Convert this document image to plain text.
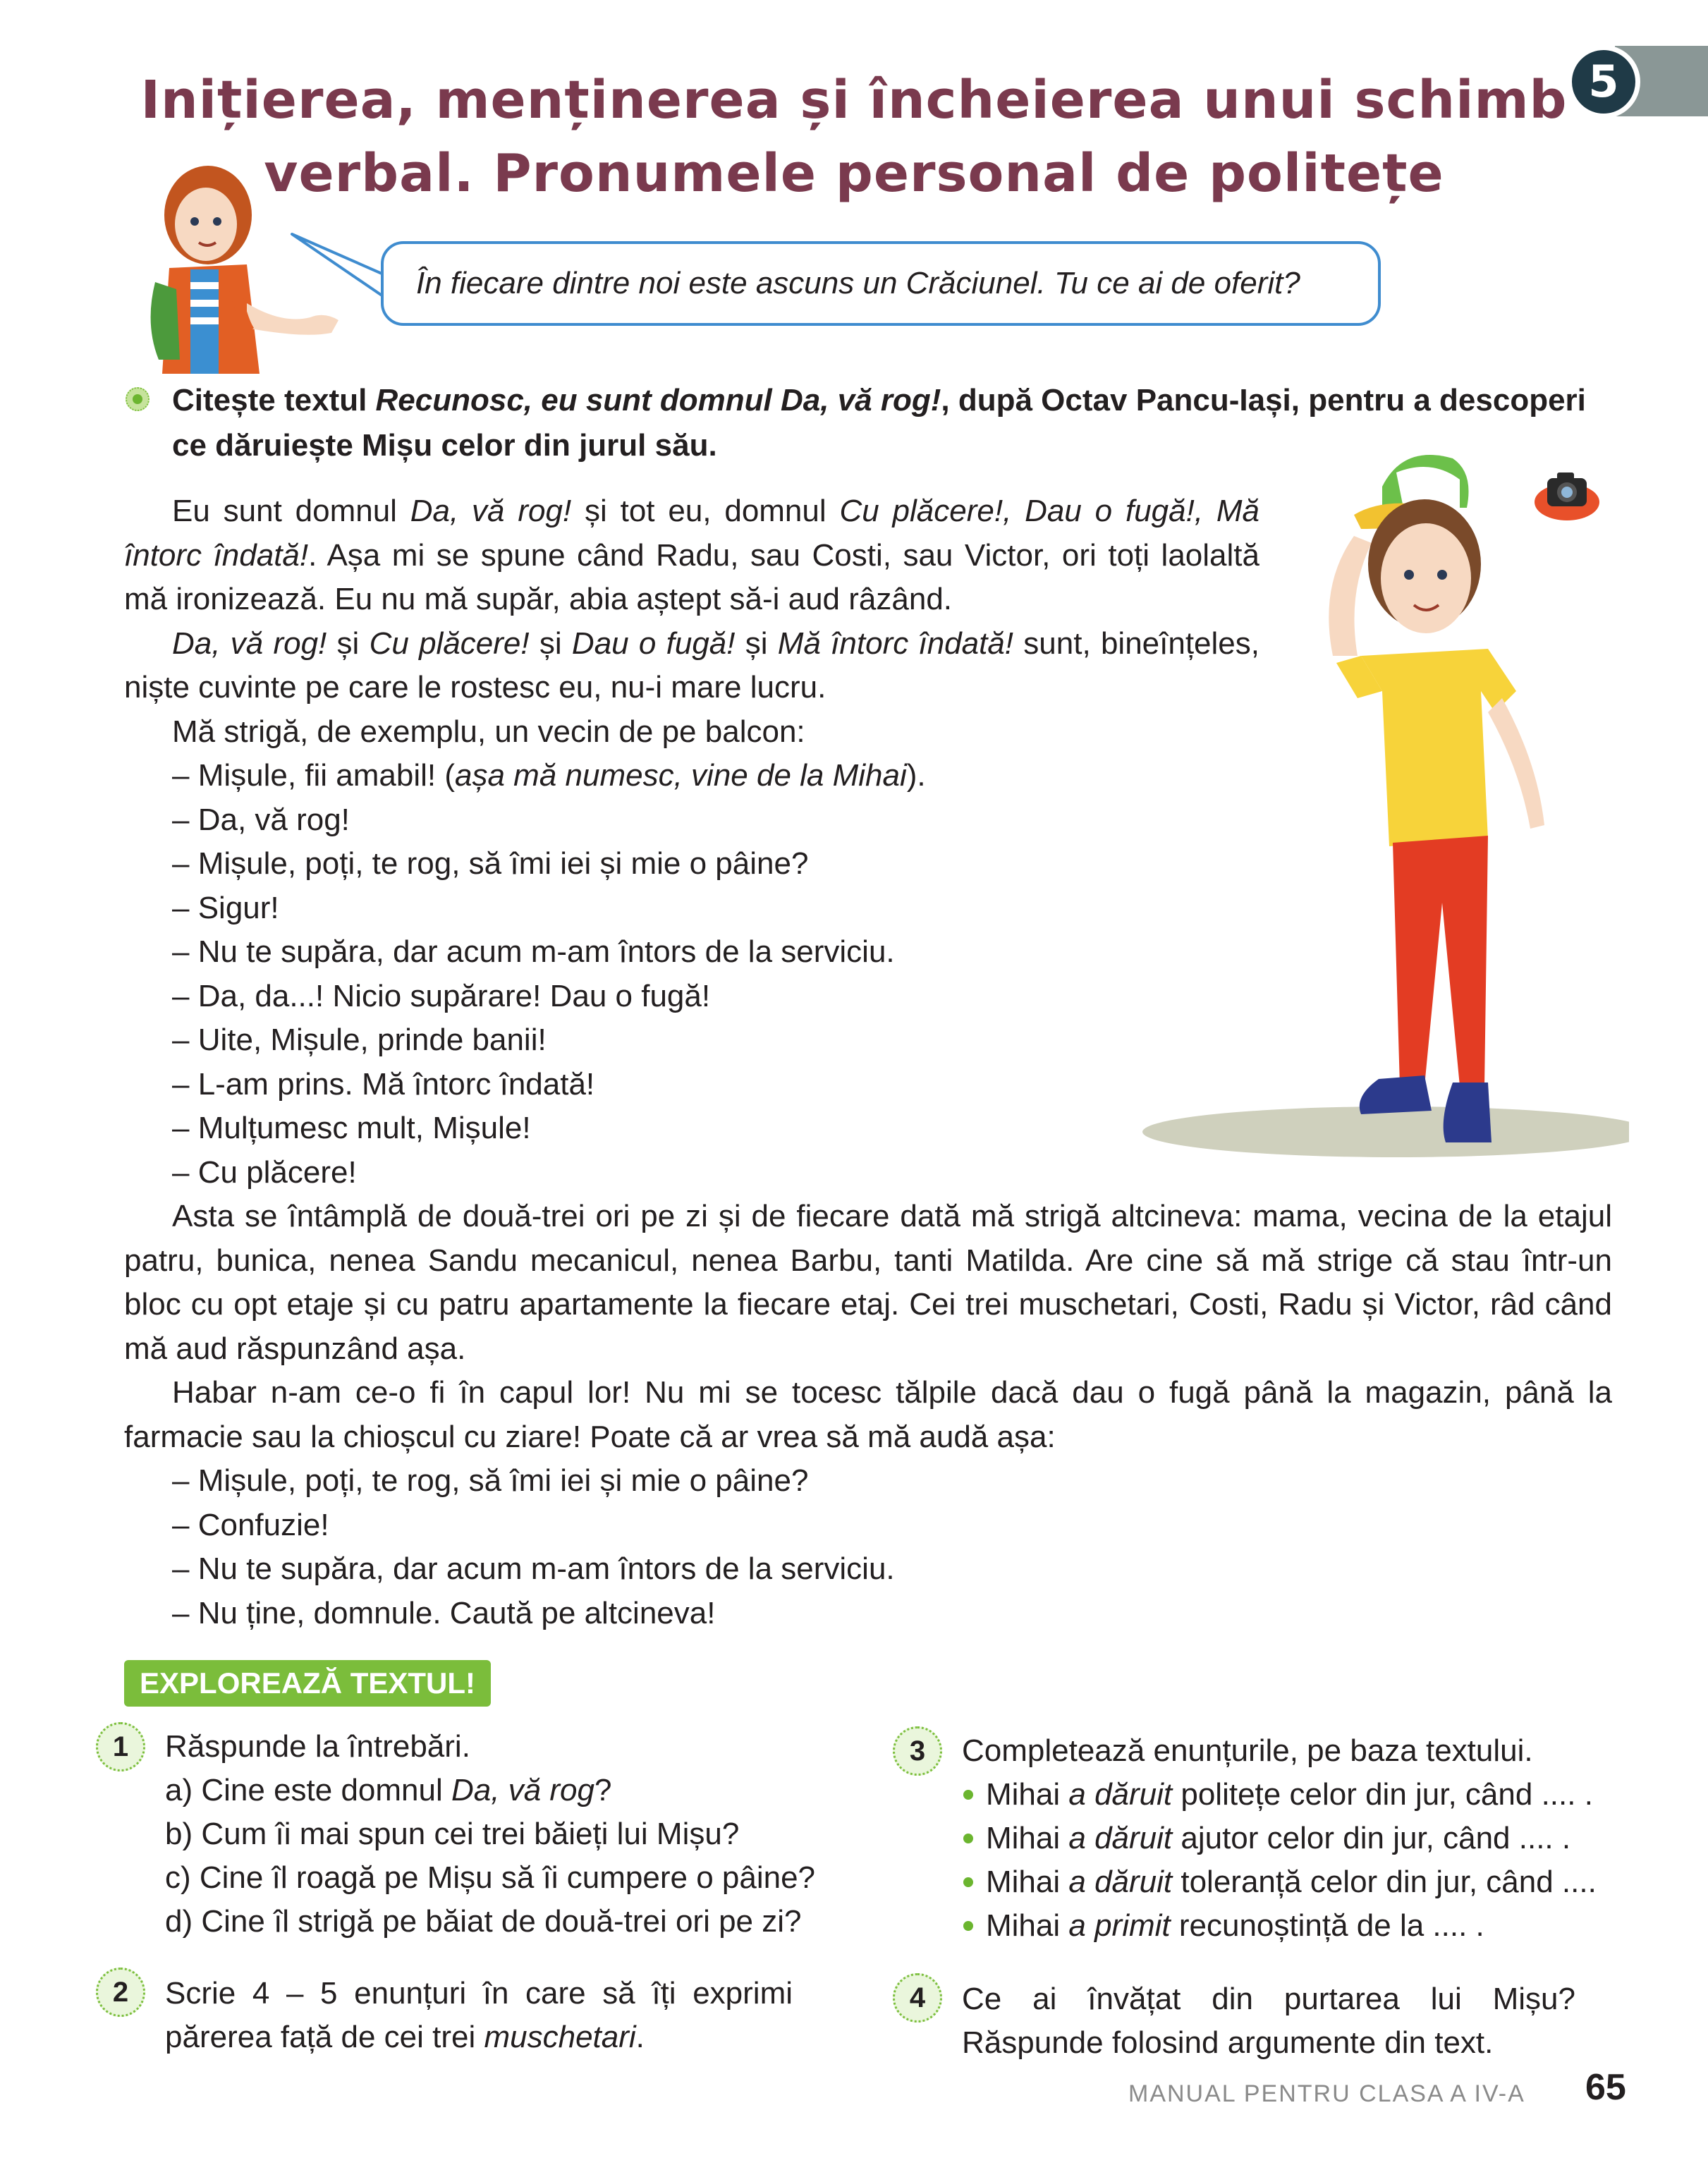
5
Inițierea, menținerea și încheierea unui schimb
verbal. Pronumele personal de politețe
În fiecare dintre noi este ascuns un Crăciunel. Tu ce ai de oferit?
Citește textul Recunosc, eu sunt domnul Da, vă rog!, după Octav Pancu-Iași, pentru a descoperi ce dăruiește Mișu celor din jurul său.

Eu sunt domnul Da, vă rog! și tot eu, domnul Cu plăcere!, Dau o fugă!, Mă întorc îndată!. Așa mi se spune când Radu, sau Costi, sau Victor, ori toți laolaltă mă ironizează. Eu nu mă supăr, abia aștept să-i aud râzând.

Da, vă rog! și Cu plăcere! și Dau o fugă! și Mă întorc îndată! sunt, bineînțeles, niște cuvinte pe care le rostesc eu, nu-i mare lucru.

Mă strigă, de exemplu, un vecin de pe balcon:

– Mișule, fii amabil! (așa mă numesc, vine de la Mihai).

– Da, vă rog!

– Mișule, poți, te rog, să îmi iei și mie o pâine?

– Sigur!

– Nu te supăra, dar acum m-am întors de la serviciu.

– Da, da...! Nicio supărare! Dau o fugă!

– Uite, Mișule, prinde banii!

– L-am prins. Mă întorc îndată!

– Mulțumesc mult, Mișule!

– Cu plăcere!

Asta se întâmplă de două-trei ori pe zi și de fiecare dată mă strigă altcineva: mama, vecina de la etajul patru, bunica, nenea Sandu mecanicul, nenea Barbu, tanti Matilda. Are cine să mă strige că stau într-un bloc cu opt etaje și cu patru apartamente la fiecare etaj. Cei trei muschetari, Costi, Radu și Victor, râd când mă aud răspunzând așa.

Habar n-am ce-o fi în capul lor! Nu mi se tocesc tălpile dacă dau o fugă până la magazin, până la farmacie sau la chioșcul cu ziare! Poate că ar vrea să mă audă așa:

– Mișule, poți, te rog, să îmi iei și mie o pâine?

– Confuzie!

– Nu te supăra, dar acum m-am întors de la serviciu.

– Nu ține, domnule. Caută pe altcineva!

EXPLOREAZĂ TEXTUL!
1	Răspunde la întrebări.

a) Cine este domnul Da, vă rog?

b) Cum îi mai spun cei trei băieți lui Mișu?

c) Cine îl roagă pe Mișu să îi cumpere o pâine?

d) Cine îl strigă pe băiat de două-trei ori pe zi?

2	Scrie 4 – 5 enunțuri în care să îți exprimi

părerea față de cei trei muschetari.

3	Completează enunțurile, pe baza textului.

Mihai a dăruit politețe celor din jur, când .... .

Mihai a dăruit ajutor celor din jur, când .... .

Mihai a dăruit toleranță celor din jur, când ....

Mihai a primit recunoștință de la .... .

4	Ce ai învățat din purtarea lui Mișu?

Răspunde folosind argumente din text.

MANUAL PENTRU CLASA A IV-A 65
